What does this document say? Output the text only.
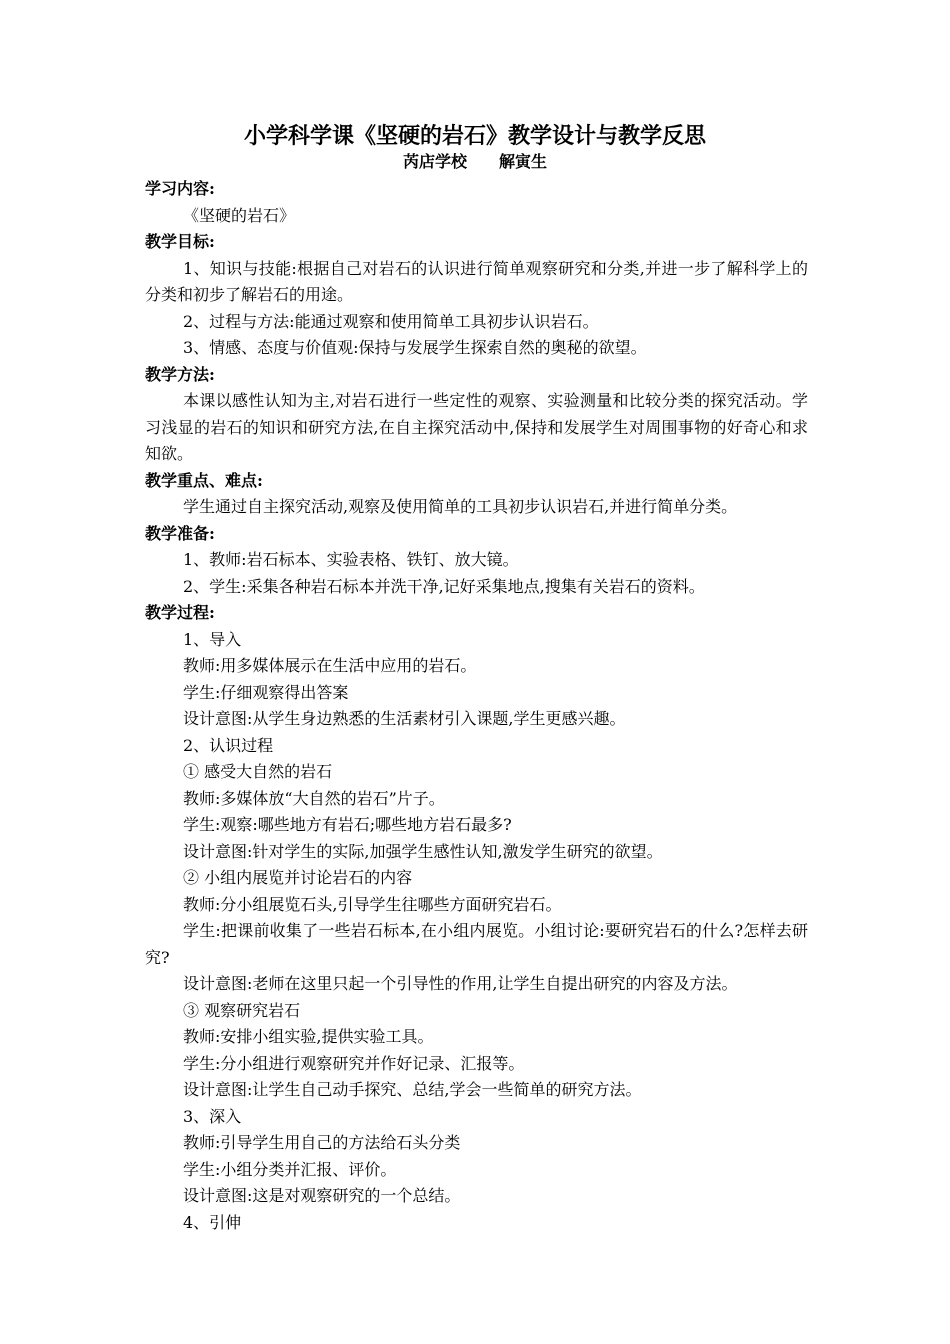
小学科学课《坚硬的岩石》教学设计与教学反思
芮店学校 解寅生
学习内容:
《坚硬的岩石》
教学目标:
1、知识与技能:根据自己对岩石的认识进行简单观察研究和分类,并进一步了解科学上的分类和初步了解岩石的用途。
2、过程与方法:能通过观察和使用简单工具初步认识岩石。
3、情感、态度与价值观:保持与发展学生探索自然的奥秘的欲望。
教学方法:
本课以感性认知为主,对岩石进行一些定性的观察、实验测量和比较分类的探究活动。学习浅显的岩石的知识和研究方法,在自主探究活动中,保持和发展学生对周围事物的好奇心和求知欲。
教学重点、难点:
学生通过自主探究活动,观察及使用简单的工具初步认识岩石,并进行简单分类。
教学准备:
1、教师:岩石标本、实验表格、铁钉、放大镜。
2、学生:采集各种岩石标本并洗干净,记好采集地点,搜集有关岩石的资料。
教学过程:
1、导入
教师:用多媒体展示在生活中应用的岩石。
学生:仔细观察得出答案
设计意图:从学生身边熟悉的生活素材引入课题,学生更感兴趣。
2、认识过程
① 感受大自然的岩石
教师:多媒体放“大自然的岩石”片子。
学生:观察:哪些地方有岩石;哪些地方岩石最多?
设计意图:针对学生的实际,加强学生感性认知,激发学生研究的欲望。
② 小组内展览并讨论岩石的内容
教师:分小组展览石头,引导学生往哪些方面研究岩石。
学生:把课前收集了一些岩石标本,在小组内展览。小组讨论:要研究岩石的什么?怎样去研究?
设计意图:老师在这里只起一个引导性的作用,让学生自提出研究的内容及方法。
③ 观察研究岩石
教师:安排小组实验,提供实验工具。
学生:分小组进行观察研究并作好记录、汇报等。
设计意图:让学生自己动手探究、总结,学会一些简单的研究方法。
3、深入
教师:引导学生用自己的方法给石头分类
学生:小组分类并汇报、评价。
设计意图:这是对观察研究的一个总结。
4、引伸
